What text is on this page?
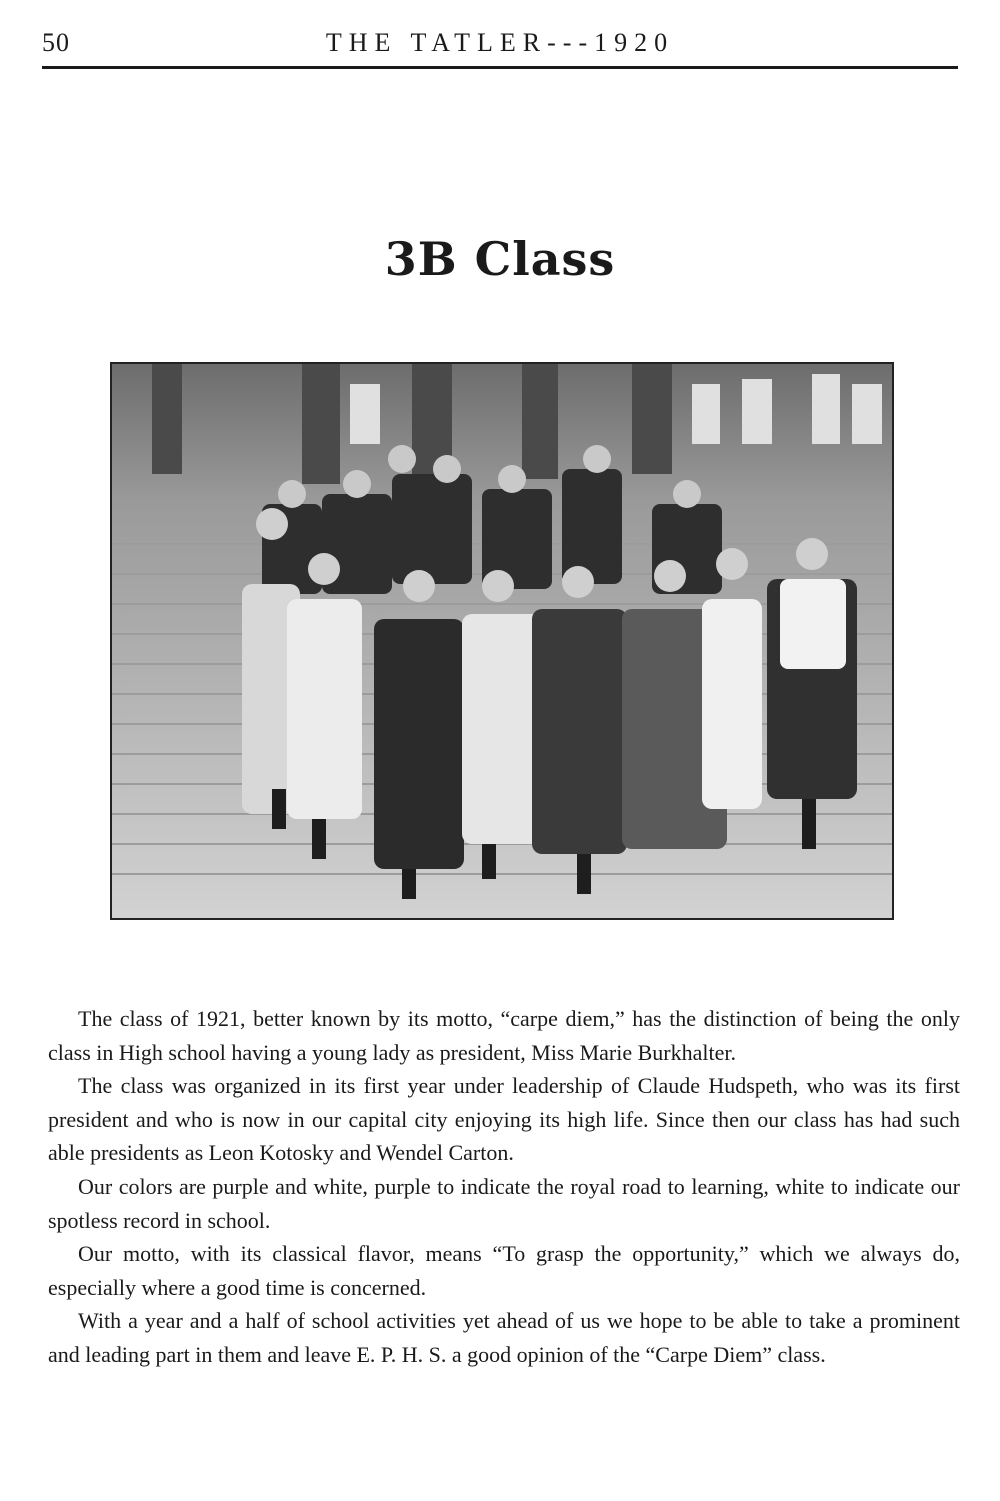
50	THE TATLER---1920
3B Class

The class of 1921, better known by its motto, “carpe diem,” has the distinction of being the only class in High school having a young lady as president, Miss Marie Burkhalter.

The class was organized in its first year under leadership of Claude Hudspeth, who was its first president and who is now in our capital city enjoying its high life. Since then our class has had such able presidents as Leon Kotosky and Wendel Carton.

Our colors are purple and white, purple to indicate the royal road to learning, white to indicate our spotless record in school.

Our motto, with its classical flavor, means “To grasp the opportunity,” which we always do, especially where a good time is concerned.

With a year and a half of school activities yet ahead of us we hope to be able to take a prominent and leading part in them and leave E. P. H. S. a good opinion of the “Carpe Diem” class.
